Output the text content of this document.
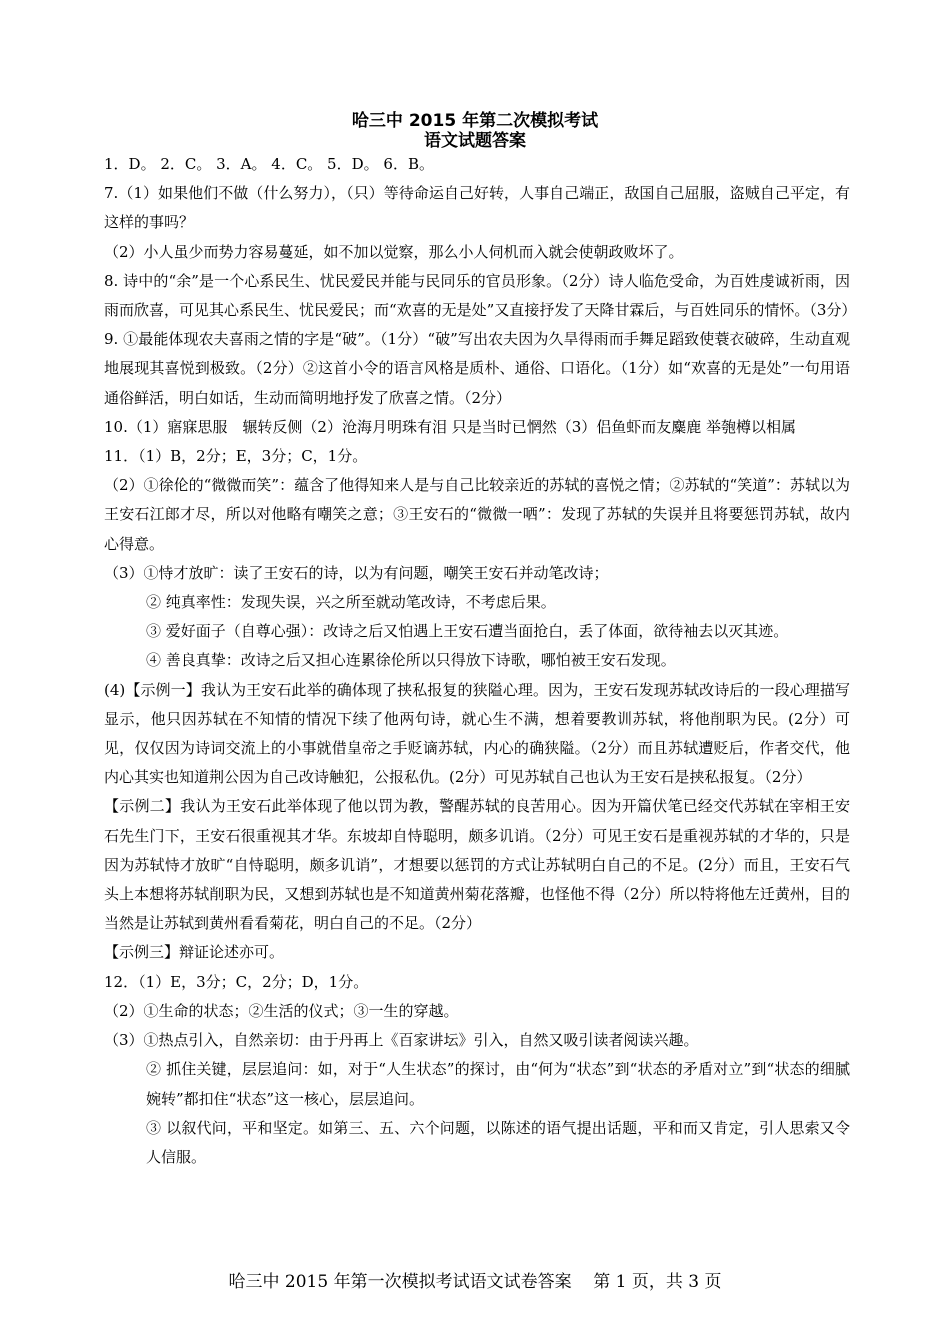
哈三中 2015 年第二次模拟考试
语文试题答案

1．D。 2．C。 3．A。 4．C。 5．D。 6．B。

7.（1）如果他们不做（什么努力），（只）等待命运自己好转，人事自己端正，敌国自己屈服，盗贼自己平定，有这样的事吗？

（2）小人虽少而势力容易蔓延，如不加以觉察，那么小人伺机而入就会使朝政败坏了。

8. 诗中的“余”是一个心系民生、忧民爱民并能与民同乐的官员形象。（2分）诗人临危受命，为百姓虔诚祈雨，因雨而欣喜，可见其心系民生、忧民爱民；而“欢喜的无是处”又直接抒发了天降甘霖后，与百姓同乐的情怀。（3分）

9. ①最能体现农夫喜雨之情的字是“破”。（1分）“破”写出农夫因为久旱得雨而手舞足蹈致使蓑衣破碎，生动直观地展现其喜悦到极致。（2分）②这首小令的语言风格是质朴、通俗、口语化。（1分）如“欢喜的无是处”一句用语通俗鲜活，明白如话，生动而简明地抒发了欣喜之情。（2分）

10.（1）寤寐思服　辗转反侧（2）沧海月明珠有泪 只是当时已惘然（3）侣鱼虾而友麋鹿 举匏樽以相属

11．（1）B，2分；E，3分；C，1分。

（2）①徐伦的“微微而笑”：蕴含了他得知来人是与自己比较亲近的苏轼的喜悦之情；②苏轼的“笑道”：苏轼以为王安石江郎才尽，所以对他略有嘲笑之意；③王安石的“微微一哂”：发现了苏轼的失误并且将要惩罚苏轼，故内心得意。

（3）①恃才放旷：读了王安石的诗，以为有问题，嘲笑王安石并动笔改诗；

② 纯真率性：发现失误，兴之所至就动笔改诗，不考虑后果。

③ 爱好面子（自尊心强）：改诗之后又怕遇上王安石遭当面抢白，丢了体面，欲待袖去以灭其迹。

④ 善良真挚：改诗之后又担心连累徐伦所以只得放下诗歌，哪怕被王安石发现。

(4)【示例一】我认为王安石此举的确体现了挟私报复的狭隘心理。因为，王安石发现苏轼改诗后的一段心理描写显示，他只因苏轼在不知情的情况下续了他两句诗，就心生不满，想着要教训苏轼，将他削职为民。(2分）可见，仅仅因为诗词交流上的小事就借皇帝之手贬谪苏轼，内心的确狭隘。（2分）而且苏轼遭贬后，作者交代，他内心其实也知道荆公因为自己改诗触犯，公报私仇。(2分）可见苏轼自己也认为王安石是挟私报复。（2分）

【示例二】我认为王安石此举体现了他以罚为教，警醒苏轼的良苦用心。因为开篇伏笔已经交代苏轼在宰相王安石先生门下，王安石很重视其才华。东坡却自恃聪明，颇多讥诮。（2分）可见王安石是重视苏轼的才华的，只是因为苏轼恃才放旷“自恃聪明，颇多讥诮”，才想要以惩罚的方式让苏轼明白自己的不足。(2分）而且，王安石气头上本想将苏轼削职为民，又想到苏轼也是不知道黄州菊花落瓣，也怪他不得（2分）所以特将他左迁黄州，目的当然是让苏轼到黄州看看菊花，明白自己的不足。（2分）

【示例三】辩证论述亦可。

12．（1）E，3分；C，2分；D，1分。

（2）①生命的状态；②生活的仪式；③一生的穿越。

（3）①热点引入，自然亲切：由于丹再上《百家讲坛》引入，自然又吸引读者阅读兴趣。

② 抓住关键，层层追问：如，对于“人生状态”的探讨，由“何为“状态”到“状态的矛盾对立”到“状态的细腻婉转”都扣住“状态”这一核心，层层追问。

③ 以叙代问，平和坚定。如第三、五、六个问题，以陈述的语气提出话题，平和而又肯定，引人思索又令人信服。

哈三中 2015 年第一次模拟考试语文试卷答案 第 1 页，共 3 页
